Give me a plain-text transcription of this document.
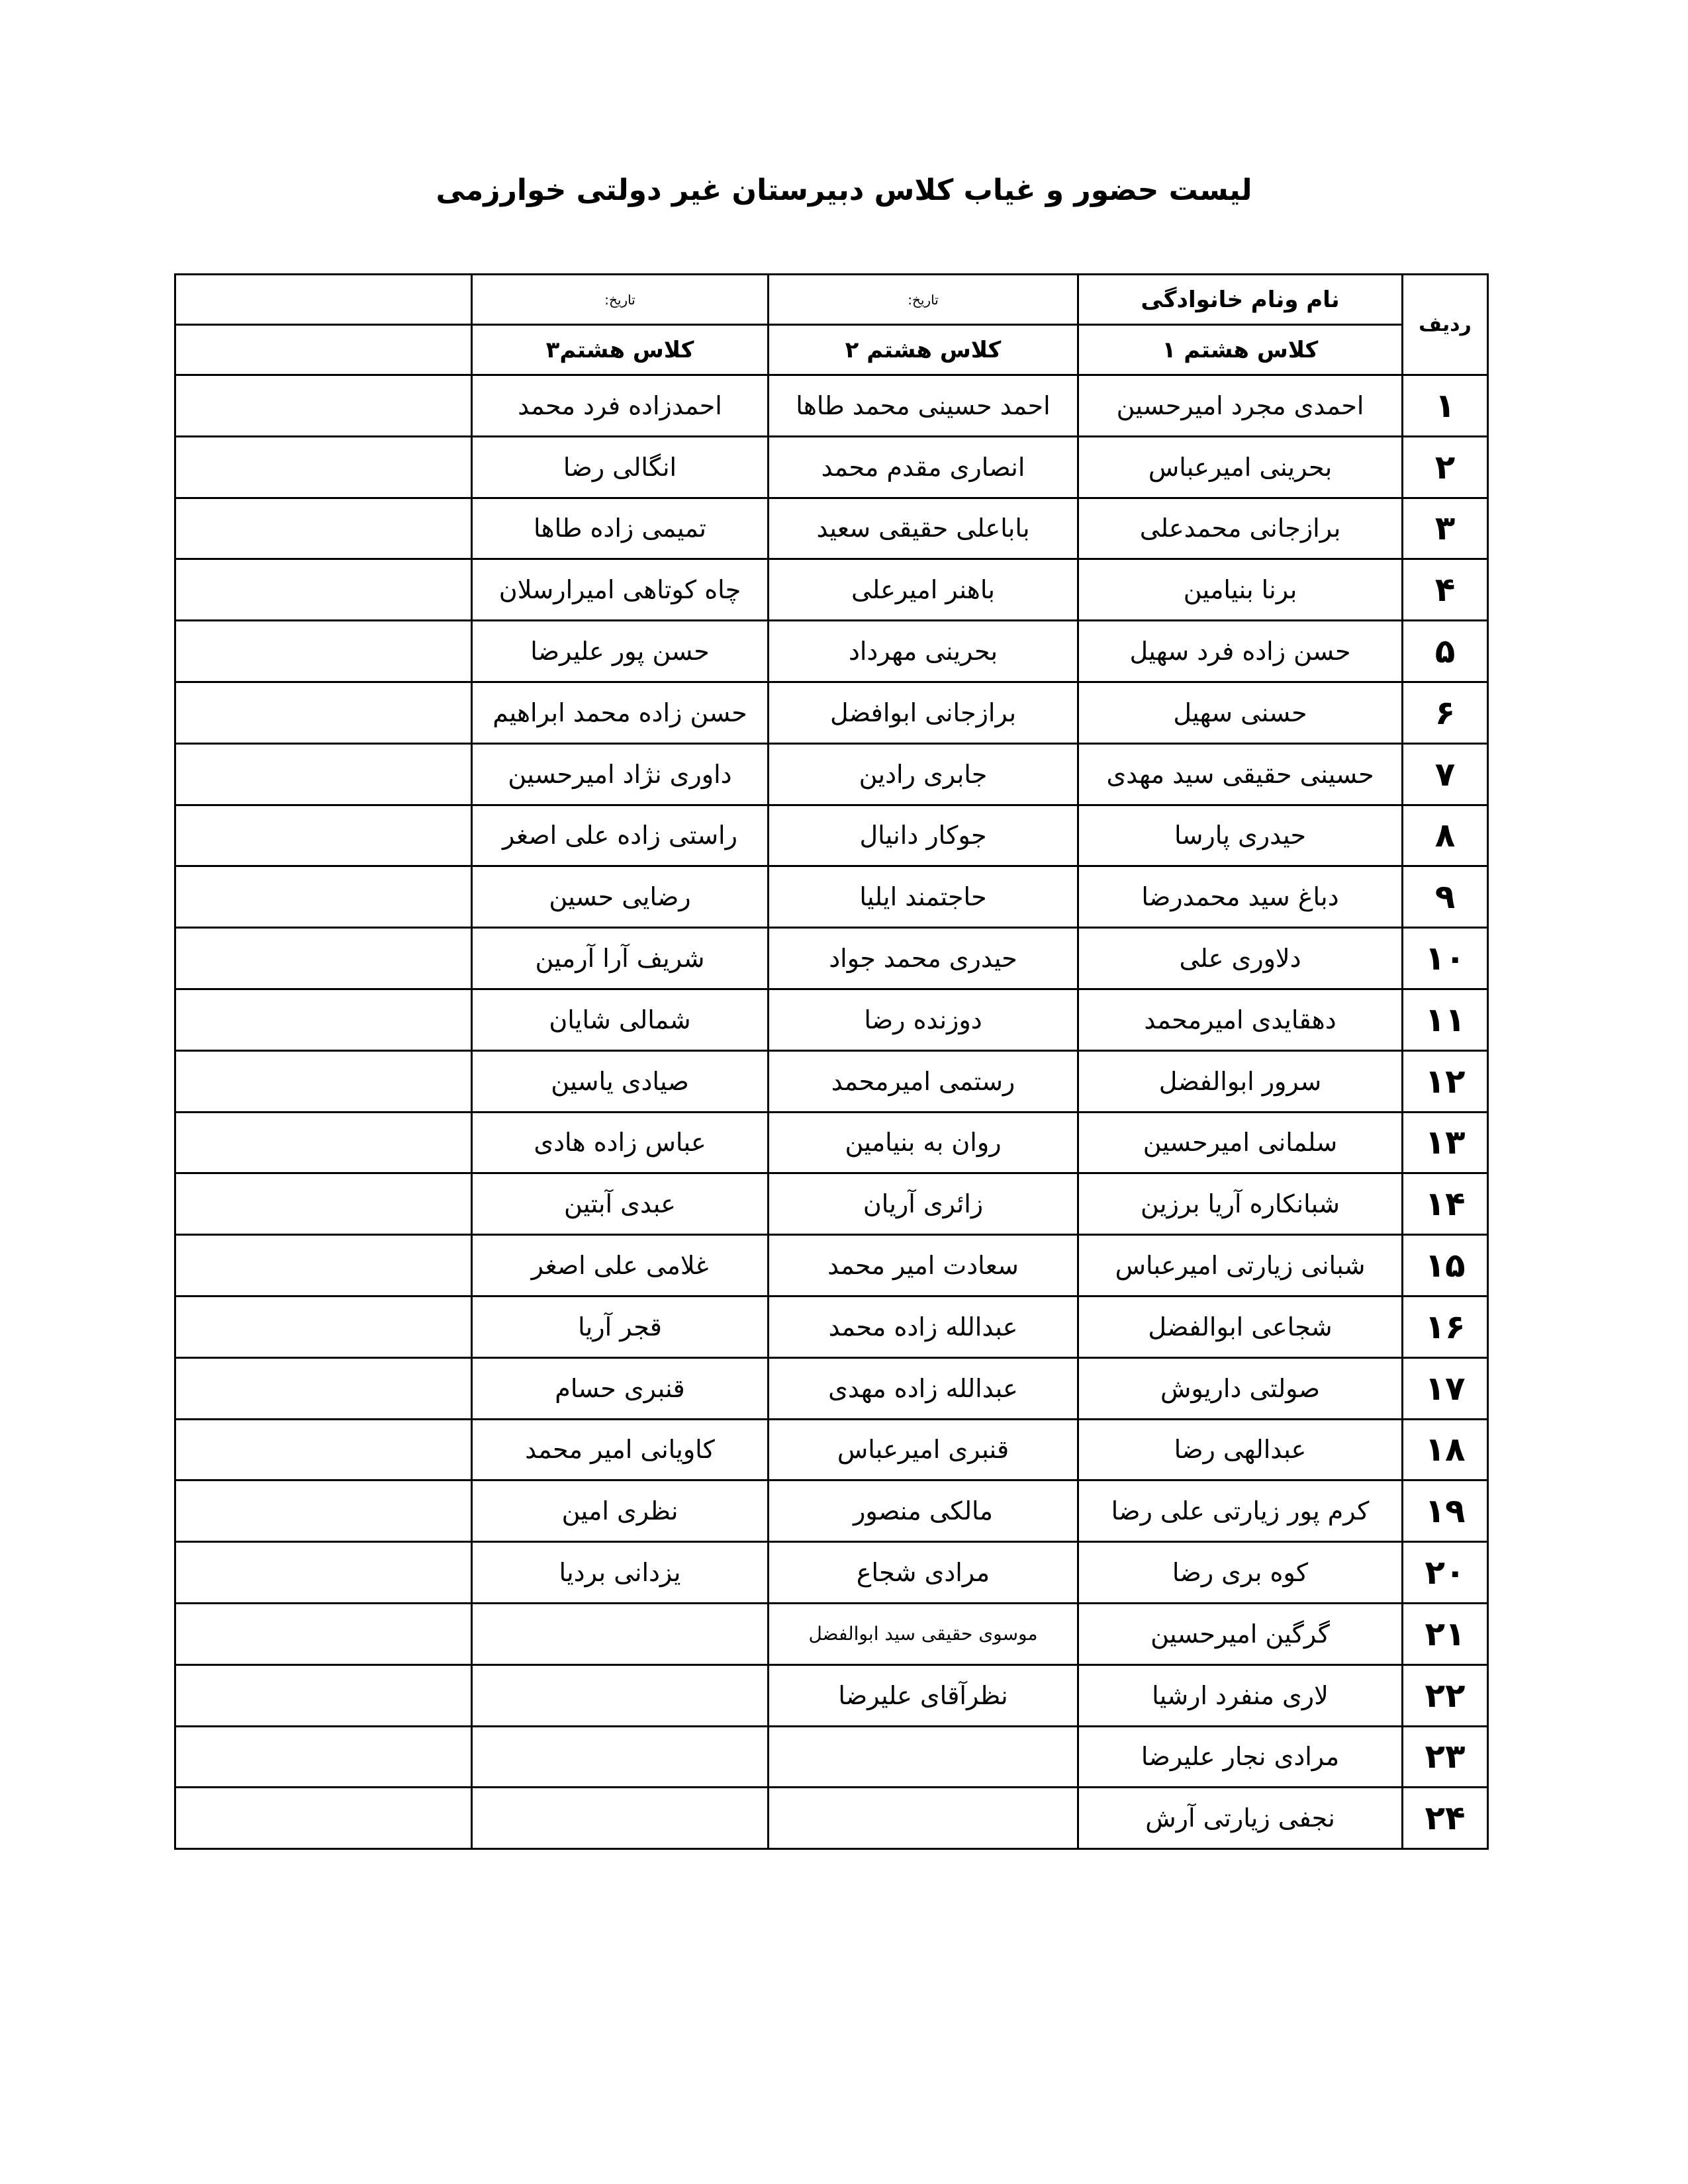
لیست حضور و غیاب کلاس دبیرستان غیر دولتی خوارزمی
	تاریخ:	تاریخ:	نام ونام خانوادگی	ردیف
	کلاس هشتم۳	کلاس هشتم ۲	کلاس هشتم ۱	
	احمدزاده فرد محمد	احمد حسینی محمد طاها	احمدی مجرد امیرحسین	۱
	انگالی رضا	انصاری مقدم محمد	بحرینی امیرعباس	۲
	تمیمی زاده طاها	باباعلی حقیقی سعید	برازجانی محمدعلی	۳
	چاه کوتاهی امیرارسلان	باهنر امیرعلی	برنا بنیامین	۴
	حسن پور علیرضا	بحرینی مهرداد	حسن زاده فرد سهیل	۵
	حسن زاده محمد ابراهیم	برازجانی ابوافضل	حسنی سهیل	۶
	داوری نژاد امیرحسین	جابری رادین	حسینی حقیقی سید مهدی	۷
	راستی زاده علی اصغر	جوکار دانیال	حیدری پارسا	۸
	رضایی حسین	حاجتمند ایلیا	دباغ سید محمدرضا	۹
	شریف آرا آرمین	حیدری محمد جواد	دلاوری علی	۱۰
	شمالی شایان	دوزنده رضا	دهقایدی امیرمحمد	۱۱
	صیادی یاسین	رستمی امیرمحمد	سرور ابوالفضل	۱۲
	عباس زاده هادی	روان به بنیامین	سلمانی امیرحسین	۱۳
	عبدی آبتین	زائری آریان	شبانکاره آریا برزین	۱۴
	غلامی علی اصغر	سعادت امیر محمد	شبانی زیارتی امیرعباس	۱۵
	قجر آریا	عبدالله زاده محمد	شجاعی ابوالفضل	۱۶
	قنبری حسام	عبدالله زاده مهدی	صولتی داریوش	۱۷
	کاویانی امیر محمد	قنبری امیرعباس	عبدالهی رضا	۱۸
	نظری امین	مالکی منصور	کرم پور زیارتی علی رضا	۱۹
	یزدانی بردیا	مرادی شجاع	کوه بری رضا	۲۰
		موسوی حقیقی سید ابوالفضل	گرگین امیرحسین	۲۱
		نظرآقای علیرضا	لاری منفرد ارشیا	۲۲
			مرادی نجار علیرضا	۲۳
			نجفی زیارتی آرش	۲۴
